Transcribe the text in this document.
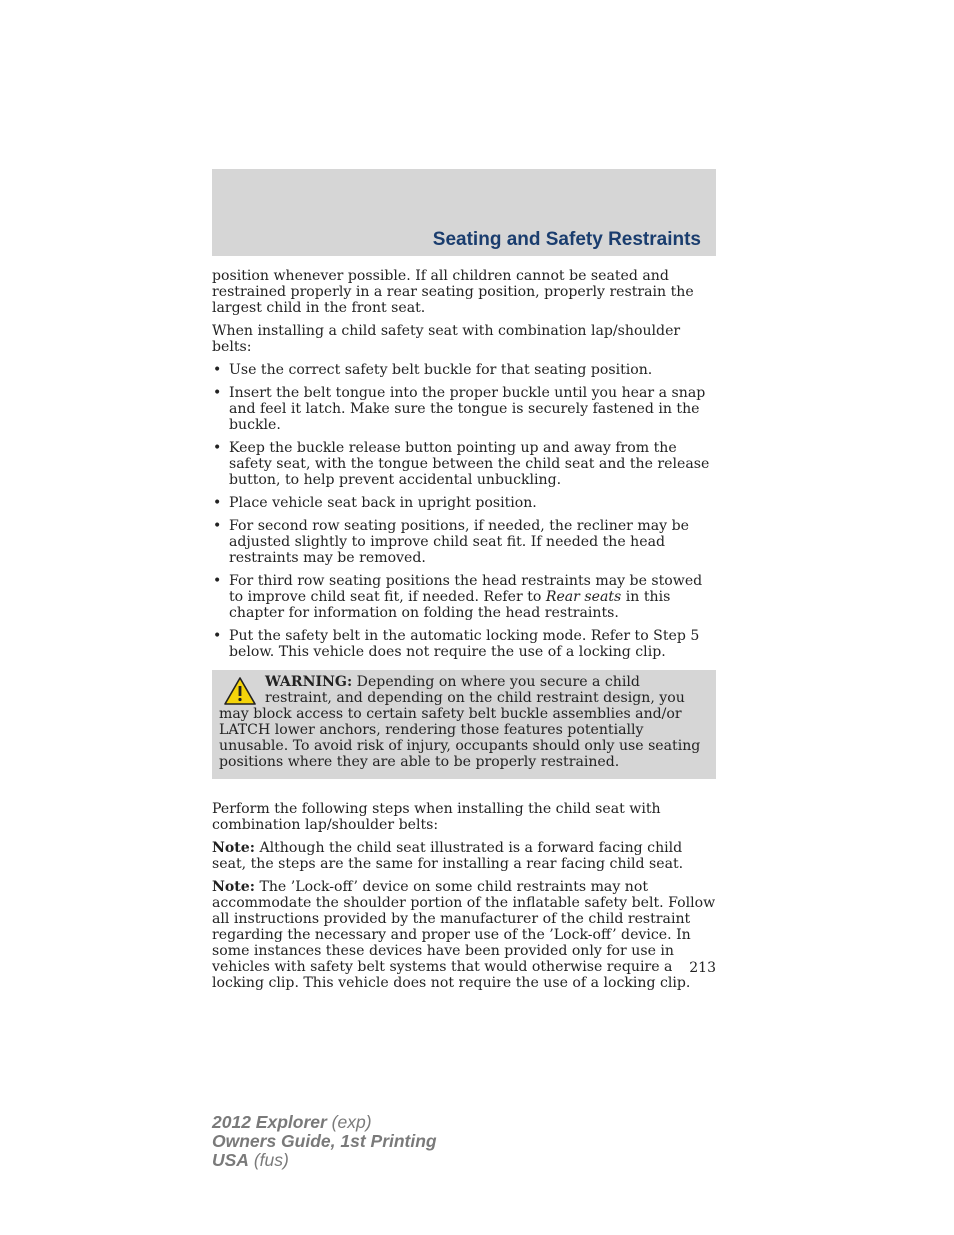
Seating and Safety Restraints

position whenever possible. If all children cannot be seated and restrained properly in a rear seating position, properly restrain the largest child in the front seat.

When installing a child safety seat with combination lap/shoulder belts:

• Use the correct safety belt buckle for that seating position.
• Insert the belt tongue into the proper buckle until you hear a snap and feel it latch. Make sure the tongue is securely fastened in the buckle.
• Keep the buckle release button pointing up and away from the safety seat, with the tongue between the child seat and the release button, to help prevent accidental unbuckling.
• Place vehicle seat back in upright position.
• For second row seating positions, if needed, the recliner may be adjusted slightly to improve child seat fit. If needed the head restraints may be removed.
• For third row seating positions the head restraints may be stowed to improve child seat fit, if needed. Refer to Rear seats in this chapter for information on folding the head restraints.
• Put the safety belt in the automatic locking mode. Refer to Step 5 below. This vehicle does not require the use of a locking clip.
WARNING: Depending on where you secure a child restraint, and depending on the child restraint design, you may block access to certain safety belt buckle assemblies and/or LATCH lower anchors, rendering those features potentially unusable. To avoid risk of injury, occupants should only use seating positions where they are able to be properly restrained.

Perform the following steps when installing the child seat with combination lap/shoulder belts:

Note: Although the child seat illustrated is a forward facing child seat, the steps are the same for installing a rear facing child seat.

Note: The ’Lock-off’ device on some child restraints may not accommodate the shoulder portion of the inflatable safety belt. Follow all instructions provided by the manufacturer of the child restraint regarding the necessary and proper use of the ’Lock-off’ device. In some instances these devices have been provided only for use in vehicles with safety belt systems that would otherwise require a locking clip. This vehicle does not require the use of a locking clip.

213
2012 Explorer (exp)
Owners Guide, 1st Printing
USA (fus)
